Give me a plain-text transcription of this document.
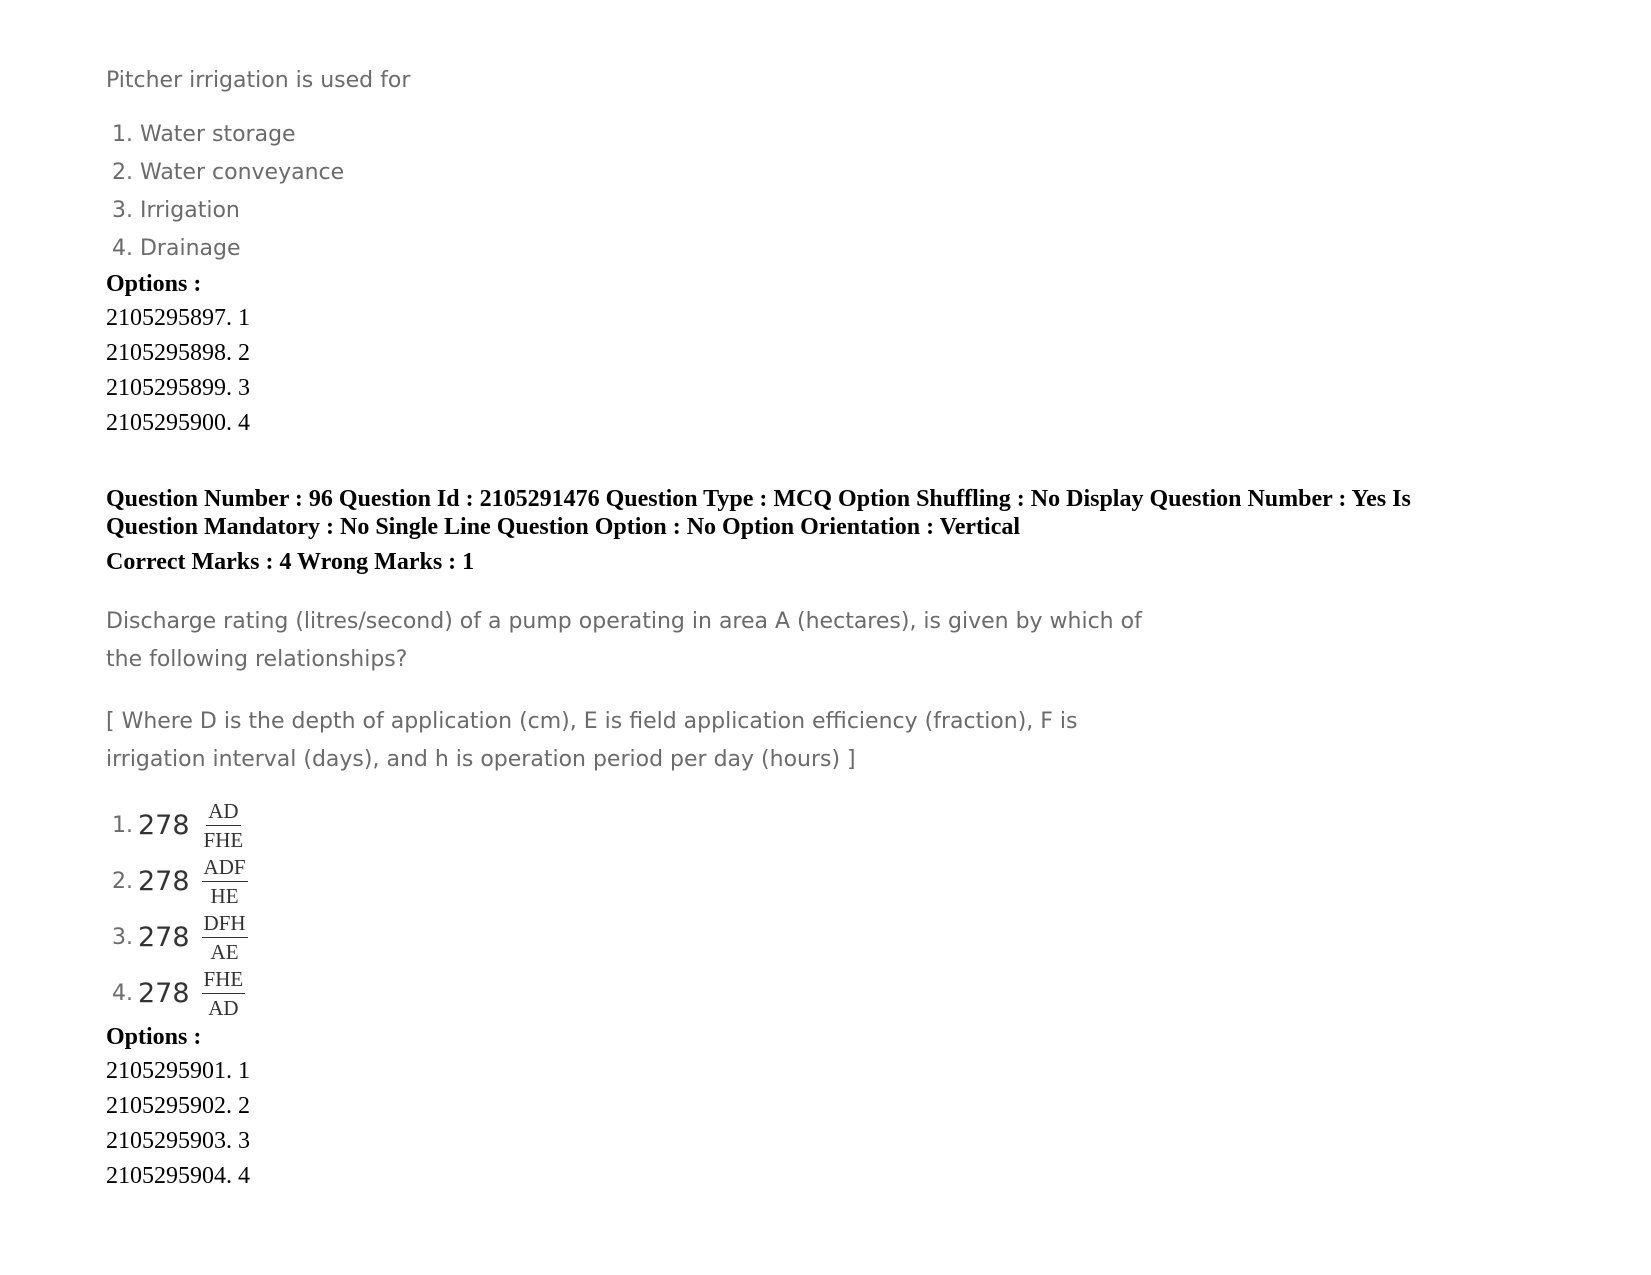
Pitcher irrigation is used for
1. Water storage
2. Water conveyance
3. Irrigation
4. Drainage
Options :
2105295897. 1
2105295898. 2
2105295899. 3
2105295900. 4
Question Number : 96 Question Id : 2105291476 Question Type : MCQ Option Shuffling : No Display Question Number : Yes Is Question Mandatory : No Single Line Question Option : No Option Orientation : Vertical
Correct Marks : 4 Wrong Marks : 1

Discharge rating (litres/second) of a pump operating in area A (hectares), is given by which of

the following relationships?

[ Where D is the depth of application (cm), E is field application efficiency (fraction), F is

irrigation interval (days), and h is operation period per day (hours) ]

1. $278 \frac{AD}{\text{FHE}}$
2. $278 \frac{\text{ADF}}{HE}$
3. $278 \frac{\text{DFH}}{AE}$
4. $278 \frac{\text{FHE}}{AD}$
Options :
2105295901. 1
2105295902. 2
2105295903. 3
2105295904. 4
